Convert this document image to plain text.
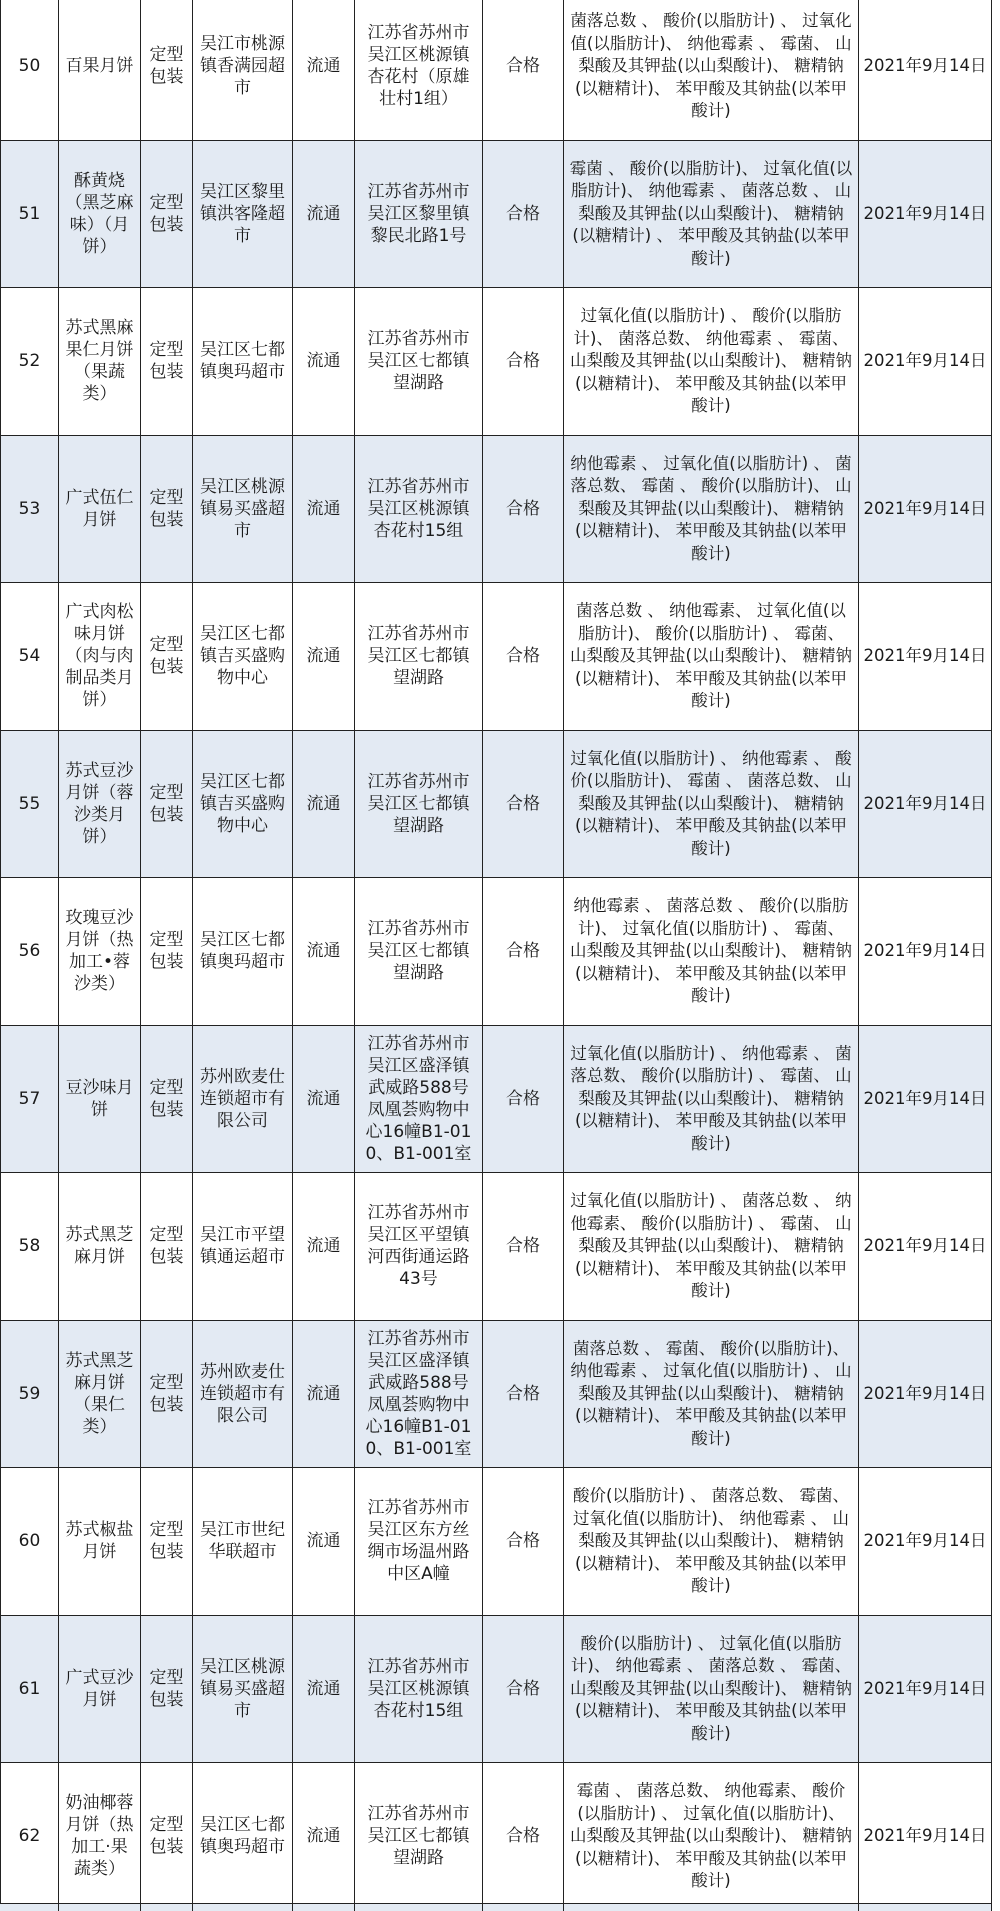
50	百果月饼	定型包装	吴江市桃源镇香满园超市	流通	江苏省苏州市吴江区桃源镇杏花村（原雄壮村1组）	合格	菌落总数 、 酸价(以脂肪计) 、 过氧化值(以脂肪计)、 纳他霉素 、 霉菌、 山梨酸及其钾盐(以山梨酸计)、 糖精钠(以糖精计)、 苯甲酸及其钠盐(以苯甲酸计)	2021年9月14日
51	酥黄烧（黑芝麻味）（月饼）	定型包装	吴江区黎里镇洪客隆超市	流通	江苏省苏州市吴江区黎里镇黎民北路1号	合格	霉菌 、 酸价(以脂肪计)、 过氧化值(以脂肪计)、 纳他霉素 、 菌落总数 、 山梨酸及其钾盐(以山梨酸计)、 糖精钠(以糖精计) 、 苯甲酸及其钠盐(以苯甲酸计)	2021年9月14日
52	苏式黑麻果仁月饼（果蔬类）	定型包装	吴江区七都镇奥玛超市	流通	江苏省苏州市吴江区七都镇望湖路	合格	过氧化值(以脂肪计) 、 酸价(以脂肪计)、 菌落总数、 纳他霉素 、 霉菌、 山梨酸及其钾盐(以山梨酸计)、 糖精钠(以糖精计)、 苯甲酸及其钠盐(以苯甲酸计)	2021年9月14日
53	广式伍仁月饼	定型包装	吴江区桃源镇易买盛超市	流通	江苏省苏州市吴江区桃源镇杏花村15组	合格	纳他霉素 、 过氧化值(以脂肪计) 、 菌落总数、 霉菌 、 酸价(以脂肪计)、 山梨酸及其钾盐(以山梨酸计)、 糖精钠(以糖精计)、 苯甲酸及其钠盐(以苯甲酸计)	2021年9月14日
54	广式肉松味月饼（肉与肉制品类月饼）	定型包装	吴江区七都镇吉买盛购物中心	流通	江苏省苏州市吴江区七都镇望湖路	合格	菌落总数 、 纳他霉素、 过氧化值(以脂肪计)、 酸价(以脂肪计) 、 霉菌、 山梨酸及其钾盐(以山梨酸计)、 糖精钠(以糖精计)、 苯甲酸及其钠盐(以苯甲酸计)	2021年9月14日
55	苏式豆沙月饼（蓉沙类月饼）	定型包装	吴江区七都镇吉买盛购物中心	流通	江苏省苏州市吴江区七都镇望湖路	合格	过氧化值(以脂肪计) 、 纳他霉素 、 酸价(以脂肪计)、 霉菌 、 菌落总数、 山梨酸及其钾盐(以山梨酸计)、 糖精钠(以糖精计)、 苯甲酸及其钠盐(以苯甲酸计)	2021年9月14日
56	玫瑰豆沙月饼（热加工•蓉沙类）	定型包装	吴江区七都镇奥玛超市	流通	江苏省苏州市吴江区七都镇望湖路	合格	纳他霉素 、 菌落总数 、 酸价(以脂肪计)、 过氧化值(以脂肪计) 、 霉菌、 山梨酸及其钾盐(以山梨酸计)、 糖精钠(以糖精计)、 苯甲酸及其钠盐(以苯甲酸计)	2021年9月14日
57	豆沙味月饼	定型包装	苏州欧麦仕连锁超市有限公司	流通	江苏省苏州市吴江区盛泽镇武威路588号凤凰荟购物中心16幢B1-010、B1-001室	合格	过氧化值(以脂肪计) 、 纳他霉素 、 菌落总数、 酸价(以脂肪计) 、 霉菌、 山梨酸及其钾盐(以山梨酸计)、 糖精钠(以糖精计)、 苯甲酸及其钠盐(以苯甲酸计)	2021年9月14日
58	苏式黑芝麻月饼	定型包装	吴江市平望镇通运超市	流通	江苏省苏州市吴江区平望镇河西街通运路43号	合格	过氧化值(以脂肪计) 、 菌落总数 、 纳他霉素、 酸价(以脂肪计) 、 霉菌、 山梨酸及其钾盐(以山梨酸计)、 糖精钠(以糖精计)、 苯甲酸及其钠盐(以苯甲酸计)	2021年9月14日
59	苏式黑芝麻月饼（果仁类）	定型包装	苏州欧麦仕连锁超市有限公司	流通	江苏省苏州市吴江区盛泽镇武威路588号凤凰荟购物中心16幢B1-010、B1-001室	合格	菌落总数 、 霉菌、 酸价(以脂肪计)、 纳他霉素 、 过氧化值(以脂肪计) 、 山梨酸及其钾盐(以山梨酸计)、 糖精钠(以糖精计)、 苯甲酸及其钠盐(以苯甲酸计)	2021年9月14日
60	苏式椒盐月饼	定型包装	吴江市世纪华联超市	流通	江苏省苏州市吴江区东方丝绸市场温州路中区A幢	合格	酸价(以脂肪计) 、 菌落总数、 霉菌、 过氧化值(以脂肪计)、 纳他霉素 、 山梨酸及其钾盐(以山梨酸计)、 糖精钠(以糖精计)、 苯甲酸及其钠盐(以苯甲酸计)	2021年9月14日
61	广式豆沙月饼	定型包装	吴江区桃源镇易买盛超市	流通	江苏省苏州市吴江区桃源镇杏花村15组	合格	酸价(以脂肪计) 、 过氧化值(以脂肪计)、 纳他霉素 、 菌落总数 、 霉菌、 山梨酸及其钾盐(以山梨酸计)、 糖精钠(以糖精计)、 苯甲酸及其钠盐(以苯甲酸计)	2021年9月14日
62	奶油椰蓉月饼（热加工·果蔬类）	定型包装	吴江区七都镇奥玛超市	流通	江苏省苏州市吴江区七都镇望湖路	合格	霉菌 、 菌落总数、 纳他霉素、 酸价(以脂肪计) 、 过氧化值(以脂肪计)、 山梨酸及其钾盐(以山梨酸计)、 糖精钠(以糖精计)、 苯甲酸及其钠盐(以苯甲酸计)	2021年9月14日
